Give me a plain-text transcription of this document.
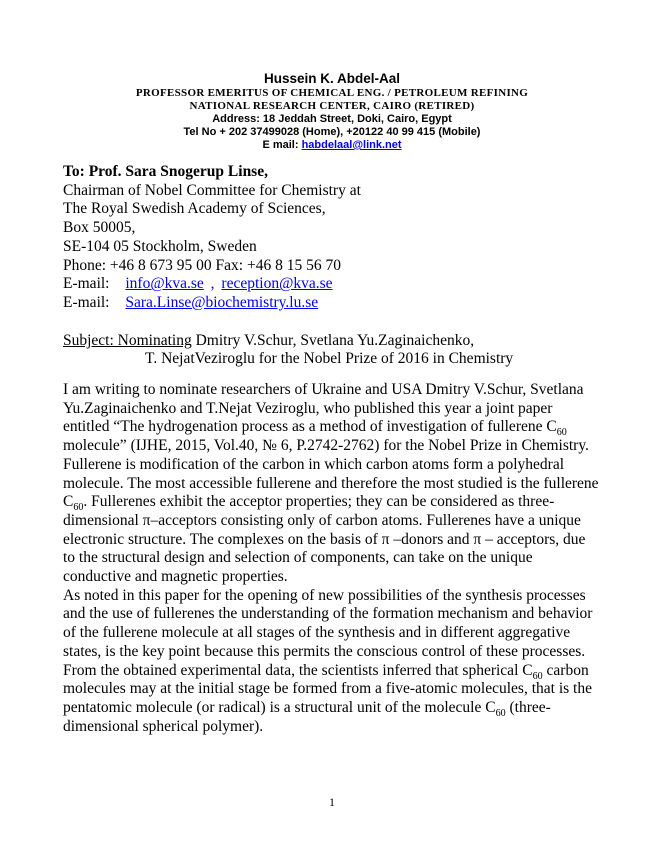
Hussein K. Abdel-Aal
PROFESSOR EMERITUS OF CHEMICAL ENG. / PETROLEUM REFINING
NATIONAL RESEARCH CENTER, CAIRO (RETIRED)
Address: 18 Jeddah Street, Doki, Cairo, Egypt
Tel No + 202 37499028 (Home), +20122 40 99 415 (Mobile)
E mail: habdelaal@link.net
To: Prof. Sara Snogerup Linse,
Chairman of Nobel Committee for Chemistry at
The Royal Swedish Academy of Sciences,
Box 50005,
SE-104 05 Stockholm, Sweden
Phone: +46 8 673 95 00 Fax: +46 8 15 56 70
E-mail: info@kva.se , reception@kva.se
E-mail: Sara.Linse@biochemistry.lu.se
Subject: Nominating Dmitry V.Schur, Svetlana Yu.Zaginaichenko,
T. NejatVeziroglu for the Nobel Prize of 2016 in Chemistry

I am writing to nominate researchers of Ukraine and USA Dmitry V.Schur, Svetlana Yu.Zaginaichenko and T.Nejat Veziroglu, who published this year a joint paper entitled “The hydrogenation process as a method of investigation of fullerene $C_{60}$ molecule” (IJHE, 2015, Vol.40, № 6, P.2742-2762) for the Nobel Prize in Chemistry.

Fullerene is modification of the carbon in which carbon atoms form a polyhedral molecule. The most accessible fullerene and therefore the most studied is the fullerene $C_{60}$. Fullerenes exhibit the acceptor properties; they can be considered as three-dimensional π–acceptors consisting only of carbon atoms. Fullerenes have a unique electronic structure. The complexes on the basis of π –donors and π – acceptors, due to the structural design and selection of components, can take on the unique conductive and magnetic properties.

As noted in this paper for the opening of new possibilities of the synthesis processes and the use of fullerenes the understanding of the formation mechanism and behavior of the fullerene molecule at all stages of the synthesis and in different aggregative states, is the key point because this permits the conscious control of these processes.

From the obtained experimental data, the scientists inferred that spherical $C_{60}$ carbon molecules may at the initial stage be formed from a five-atomic molecules, that is the pentatomic molecule (or radical) is a structural unit of the molecule $C_{60}$ (three-dimensional spherical polymer).

1
